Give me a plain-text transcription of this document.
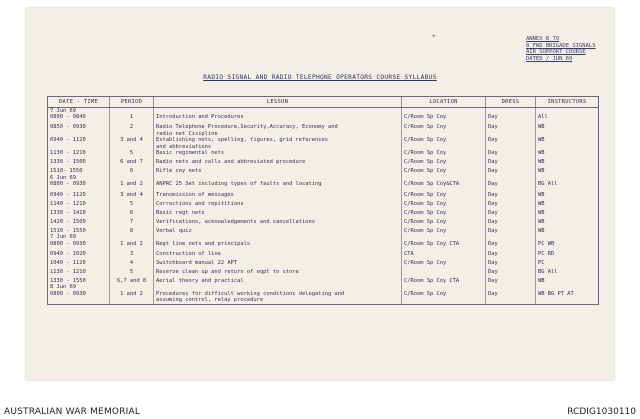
ANNEX B TO
8 FWD BRIGADE SIGNALS
AIR SUPPORT COURSE
DATED / JUN 69
+
RADIO SIGNAL AND RADIO TELEPHONE OPERATORS COURSE SYLLABUS
DATE - TIME	PERIOD	LESSON	LOCATION	DRESS	INSTRUCTORS
7 Jun 69					
0800 - 0840	1	Introduction and Procedures	C/Room Sp Coy	Day	All
0850 - 0930	2	Radio Telephone Procedure,Security,Accuracy, Economy and
radio net Cisipline	C/Room Sp Coy	Day	WB
0940 - 1120	3 and 4	Establishing nets, spelling, figures, grid references
and abbreviations	C/Room Sp Coy	Day	WB
1130 - 1210	5	Basic regimental nets	C/Room Sp Coy	Day	WB
1330 - 1500	6 and 7	Radio nets and calls and abbreviated procedure	C/Room Sp Coy	Day	WB
1510- 1550
6 Jun 69	8	Rifle coy nets	C/Room Sp Coy	Day	WB
0800 - 0930	1 and 2	ANPRC 25 Set including types of faults and locating	C/Room Sp Coy&CTA	Day	BG All
0940 - 1120	3 and 4	Transmission of messages	C/Room Sp Coy	Day	WB
1140 - 1210	5	Corrections and repititions	C/Room Sp Coy	Day	WB
1330 - 1410	6	Basic regt nets	C/Room Sp Coy	Day	WB
1420 - 1500	7	Verifications, acknowledgements and cancellations	C/Room Sp Coy	Day	WB
1510 - 1550
7 Jun 69	8	Verbal quiz	C/Room Sp Coy	Day	WB
0800 - 0930	1 and 2	Regt line nets and principals	C/Room Sp Coy CTA	Day	PC WB
0940 - 1020	3	Construction of line	CTA	Day	PC RD
1040 - 1120	4	Switchboard manual 22 APT	C/Room Sp Coy	Day	PC
1130 - 1210	5	Reserve clean up and return of eqpt to store		Day	BG All
1330 - 1550
8 Jun 69	6,7 and 8	Aerial theory and practical	C/Room Sp Coy CTA	Day	WB
0800 - 0930	1 and 2	Procedures for difficult working conditions delegating and
assuming control, relay procedure	C/Room Sp Coy	Day	WB BG PT AT
AUSTRALIAN WAR MEMORIAL	RCDIG1030110
